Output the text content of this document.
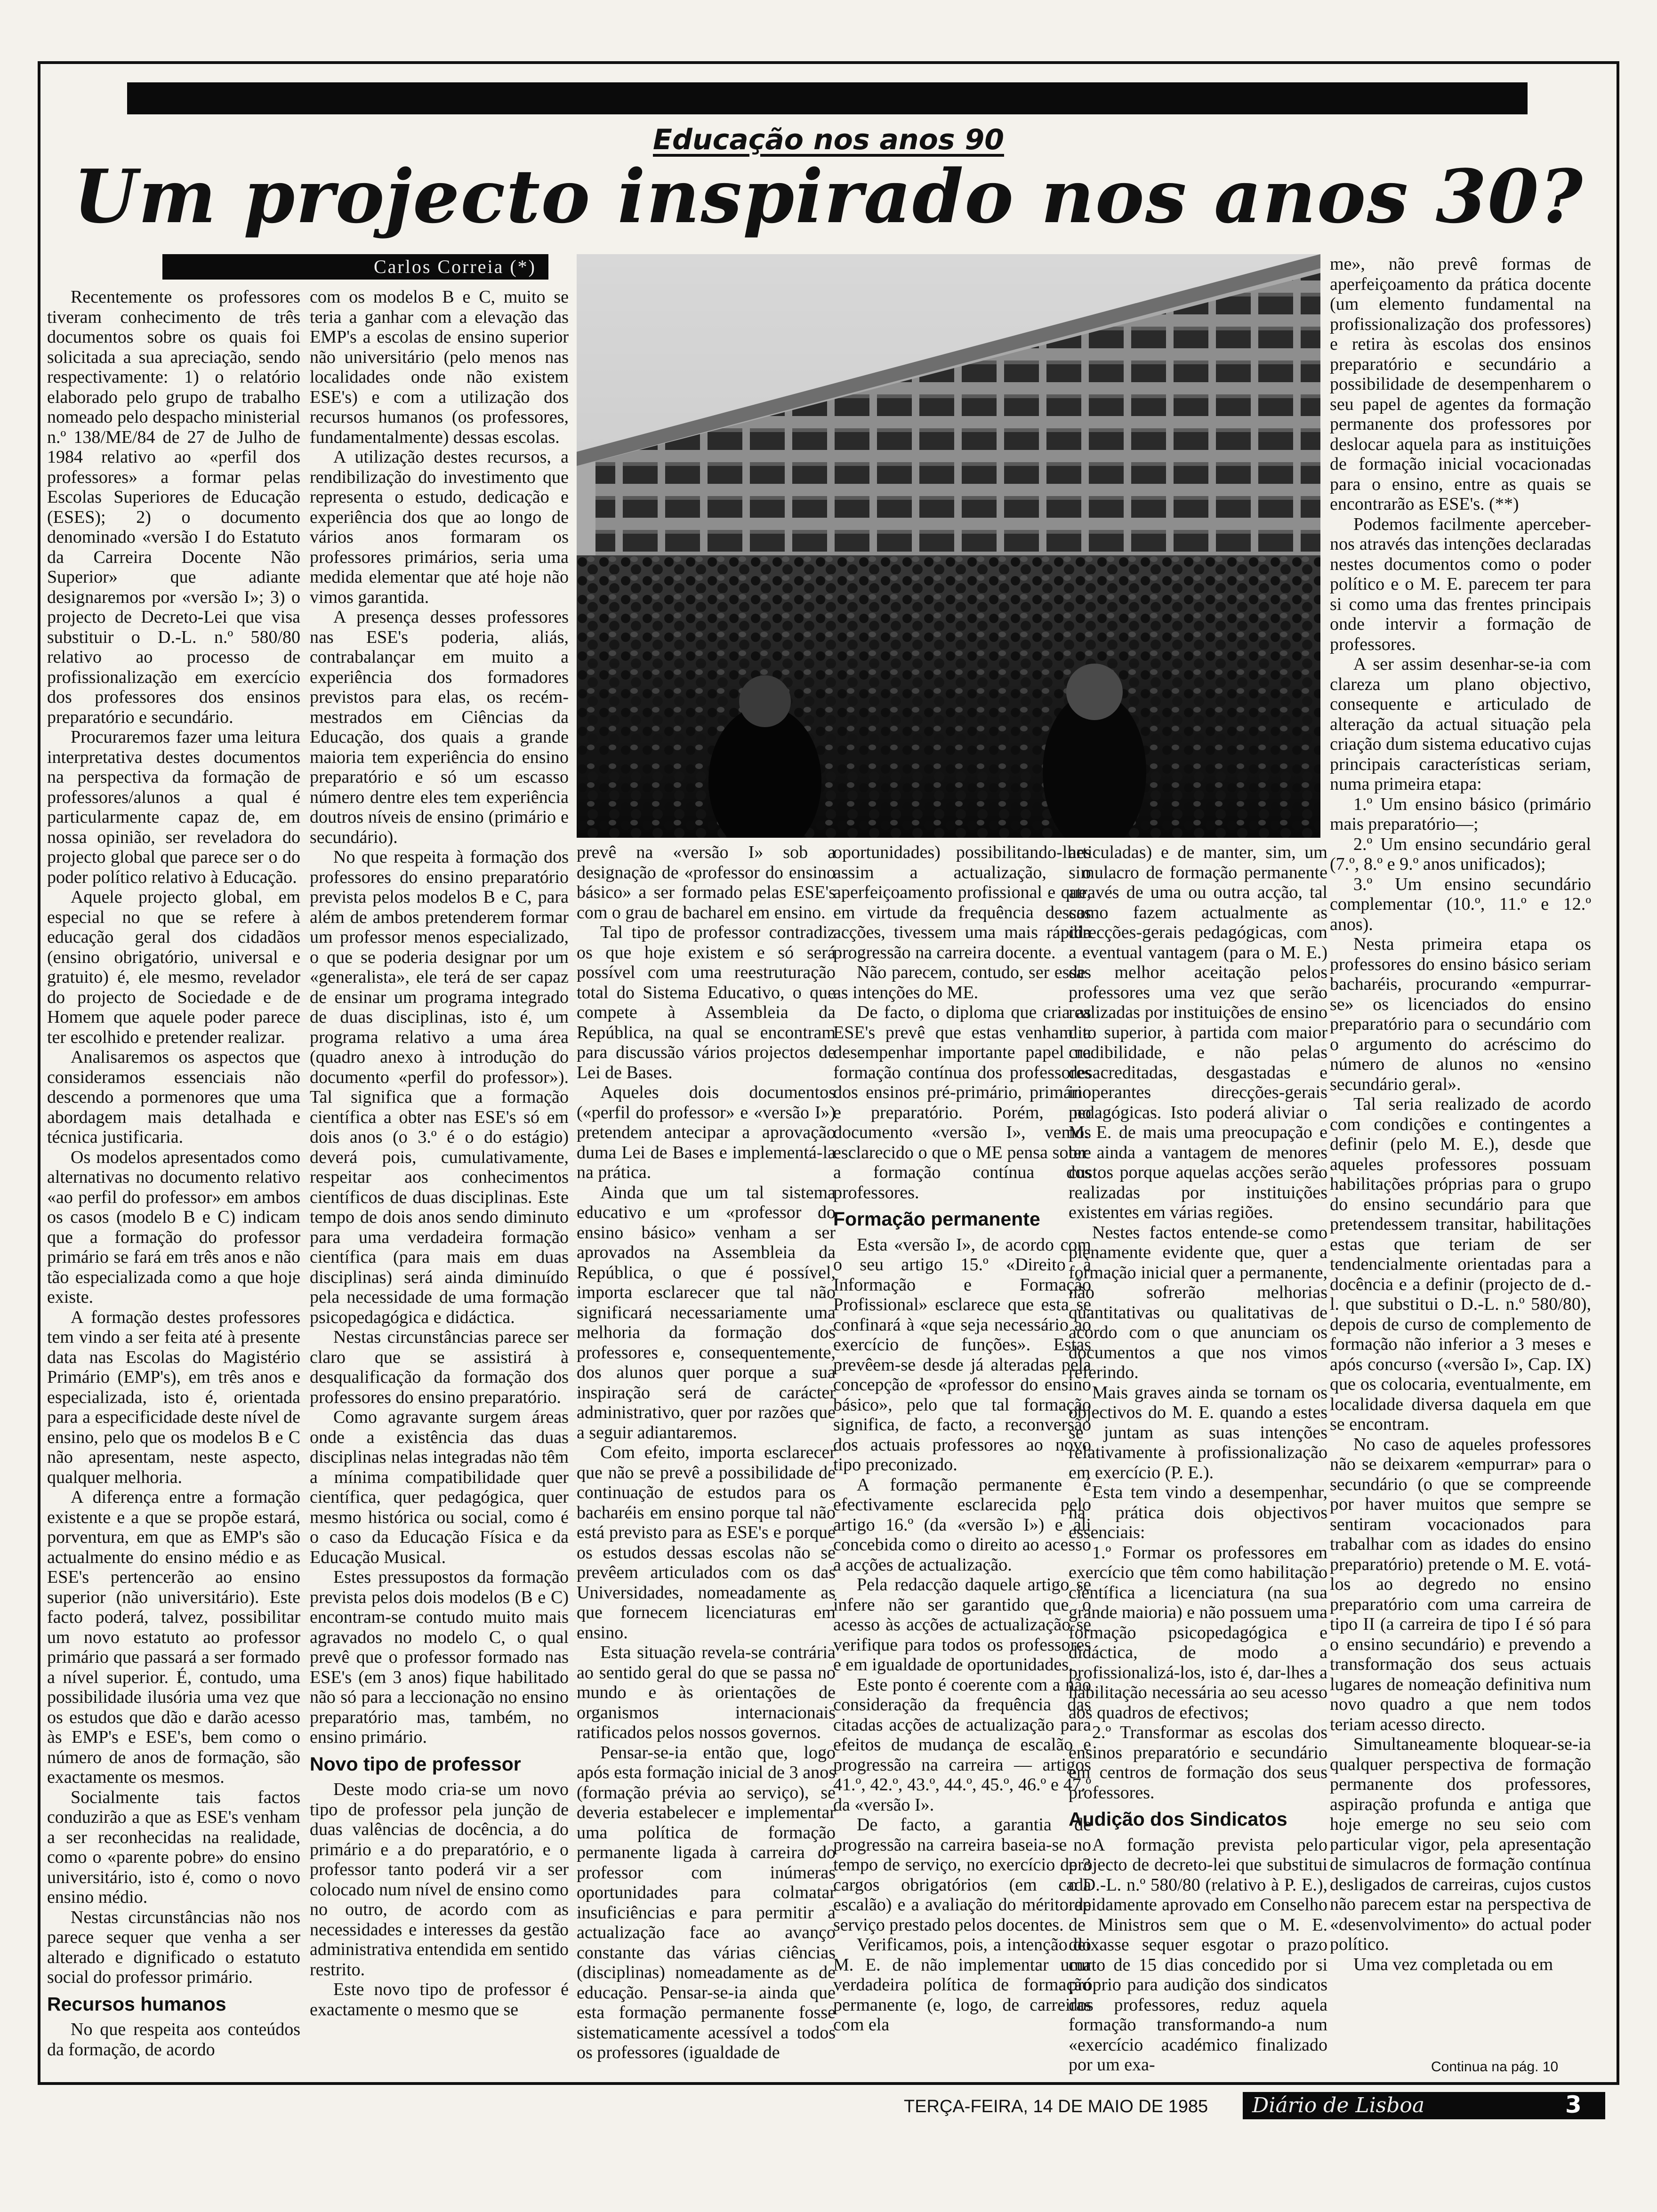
Educação nos anos 90
Um projecto inspirado nos anos 30?
Carlos Correia (*)

Recentemente os professores tiveram conhecimento de três documentos sobre os quais foi solicitada a sua apreciação, sendo respectivamente: 1) o relatório elaborado pelo grupo de trabalho nomeado pelo despacho ministerial n.º 138/ME/84 de 27 de Julho de 1984 relativo ao «perfil dos professores» a formar pelas Escolas Superiores de Educação (ESES); 2) o documento denominado «versão I do Estatuto da Carreira Docente Não Superior» que adiante designaremos por «versão I»; 3) o projecto de Decreto-Lei que visa substituir o D.-L. n.º 580/80 relativo ao processo de profissionalização em exercício dos professores dos ensinos preparatório e secundário.

Procuraremos fazer uma leitura interpretativa destes documentos na perspectiva da formação de professores/alunos a qual é particularmente capaz de, em nossa opinião, ser reveladora do projecto global que parece ser o do poder político relativo à Educação.

Aquele projecto global, em especial no que se refere à educação geral dos cidadãos (ensino obrigatório, universal e gratuito) é, ele mesmo, revelador do projecto de Sociedade e de Homem que aquele poder parece ter escolhido e pretender realizar.

Analisaremos os aspectos que consideramos essenciais não descendo a pormenores que uma abordagem mais detalhada e técnica justificaria.

Os modelos apresentados como alternativas no documento relativo «ao perfil do professor» em ambos os casos (modelo B e C) indicam que a formação do professor primário se fará em três anos e não tão especializada como a que hoje existe.

A formação destes professores tem vindo a ser feita até à presente data nas Escolas do Magistério Primário (EMP's), em três anos e especializada, isto é, orientada para a especificidade deste nível de ensino, pelo que os modelos B e C não apresentam, neste aspecto, qualquer melhoria.

A diferença entre a formação existente e a que se propõe estará, porventura, em que as EMP's são actualmente do ensino médio e as ESE's pertencerão ao ensino superior (não universitário). Este facto poderá, talvez, possibilitar um novo estatuto ao professor primário que passará a ser formado a nível superior. É, contudo, uma possibilidade ilusória uma vez que os estudos que dão e darão acesso às EMP's e ESE's, bem como o número de anos de formação, são exactamente os mesmos.

Socialmente tais factos conduzirão a que as ESE's venham a ser reconhecidas na realidade, como o «parente pobre» do ensino universitário, isto é, como o novo ensino médio.

Nestas circunstâncias não nos parece sequer que venha a ser alterado e dignificado o estatuto social do professor primário.

Recursos humanos

No que respeita aos conteúdos da formação, de acordo

com os modelos B e C, muito se teria a ganhar com a elevação das EMP's a escolas de ensino superior não universitário (pelo menos nas localidades onde não existem ESE's) e com a utilização dos recursos humanos (os professores, fundamentalmente) dessas escolas.

A utilização destes recursos, a rendibilização do investimento que representa o estudo, dedicação e experiência dos que ao longo de vários anos formaram os professores primários, seria uma medida elementar que até hoje não vimos garantida.

A presença desses professores nas ESE's poderia, aliás, contrabalançar em muito a experiência dos formadores previstos para elas, os recém-mestrados em Ciências da Educação, dos quais a grande maioria tem experiência do ensino preparatório e só um escasso número dentre eles tem experiência doutros níveis de ensino (primário e secundário).

No que respeita à formação dos professores do ensino preparatório prevista pelos modelos B e C, para além de ambos pretenderem formar um professor menos especializado, o que se poderia designar por um «generalista», ele terá de ser capaz de ensinar um programa integrado de duas disciplinas, isto é, um programa relativo a uma área (quadro anexo à introdução do documento «perfil do professor»). Tal significa que a formação científica a obter nas ESE's só em dois anos (o 3.º é o do estágio) deverá pois, cumulativamente, respeitar aos conhecimentos científicos de duas disciplinas. Este tempo de dois anos sendo diminuto para uma verdadeira formação científica (para mais em duas disciplinas) será ainda diminuído pela necessidade de uma formação psicopedagógica e didáctica.

Nestas circunstâncias parece ser claro que se assistirá à desqualificação da formação dos professores do ensino preparatório.

Como agravante surgem áreas onde a existência das duas disciplinas nelas integradas não têm a mínima compatibilidade quer científica, quer pedagógica, quer mesmo histórica ou social, como é o caso da Educação Física e da Educação Musical.

Estes pressupostos da formação prevista pelos dois modelos (B e C) encontram-se contudo muito mais agravados no modelo C, o qual prevê que o professor formado nas ESE's (em 3 anos) fique habilitado não só para a leccionação no ensino preparatório mas, também, no ensino primário.

Novo tipo de professor

Deste modo cria-se um novo tipo de professor pela junção de duas valências de docência, a do primário e a do preparatório, e o professor tanto poderá vir a ser colocado num nível de ensino como no outro, de acordo com as necessidades e interesses da gestão administrativa entendida em sentido restrito.

Este novo tipo de professor é exactamente o mesmo que se

prevê na «versão I» sob a designação de «professor do ensino básico» a ser formado pelas ESE's com o grau de bacharel em ensino.

Tal tipo de professor contradiz os que hoje existem e só será possível com uma reestruturação total do Sistema Educativo, o que compete à Assembleia da República, na qual se encontram para discussão vários projectos de Lei de Bases.

Aqueles dois documentos («perfil do professor» e «versão I») pretendem antecipar a aprovação duma Lei de Bases e implementá-la na prática.

Ainda que um tal sistema educativo e um «professor do ensino básico» venham a ser aprovados na Assembleia da República, o que é possível, importa esclarecer que tal não significará necessariamente uma melhoria da formação dos professores e, consequentemente, dos alunos quer porque a sua inspiração será de carácter administrativo, quer por razões que a seguir adiantaremos.

Com efeito, importa esclarecer que não se prevê a possibilidade de continuação de estudos para os bacharéis em ensino porque tal não está previsto para as ESE's e porque os estudos dessas escolas não se prevêem articulados com os das Universidades, nomeadamente as que fornecem licenciaturas em ensino.

Esta situação revela-se contrária ao sentido geral do que se passa no mundo e às orientações de organismos internacionais ratificados pelos nossos governos.

Pensar-se-ia então que, logo após esta formação inicial de 3 anos (formação prévia ao serviço), se deveria estabelecer e implementar uma política de formação permanente ligada à carreira do professor com inúmeras oportunidades para colmatar insuficiências e para permitir a actualização face ao avanço constante das várias ciências (disciplinas) nomeadamente as de educação. Pensar-se-ia ainda que esta formação permanente fosse sistematicamente acessível a todos os professores (igualdade de

oportunidades) possibilitando-lhes assim a actualização, o aperfeiçoamento profissional e que, em virtude da frequência dessas acções, tivessem uma mais rápida progressão na carreira docente.

Não parecem, contudo, ser essas as intenções do ME.

De facto, o diploma que cria as ESE's prevê que estas venham a desempenhar importante papel na formação contínua dos professores dos ensinos pré-primário, primário e preparatório. Porém, no documento «versão I», vemos esclarecido o que o ME pensa sobre a formação contínua dos professores.

Formação permanente

Esta «versão I», de acordo com o seu artigo 15.º «Direito à Informação e Formação Profissional» esclarece que esta se confinará à «que seja necessário ao exercício de funções». Estas prevêem-se desde já alteradas pela concepção de «professor do ensino básico», pelo que tal formação significa, de facto, a reconversão dos actuais professores ao novo tipo preconizado.

A formação permanente é efectivamente esclarecida pelo artigo 16.º (da «versão I») e ali concebida como o direito ao acesso a acções de actualização.

Pela redacção daquele artigo se infere não ser garantido que o acesso às acções de actualização se verifique para todos os professores e em igualdade de oportunidades.

Este ponto é coerente com a não consideração da frequência das citadas acções de actualização para efeitos de mudança de escalão e progressão na carreira — artigos 41.º, 42.º, 43.º, 44.º, 45.º, 46.º e 47.º da «versão I».

De facto, a garantia de progressão na carreira baseia-se no tempo de serviço, no exercício de 3 cargos obrigatórios (em cada escalão) e a avaliação do mérito de serviço prestado pelos docentes.

Verificamos, pois, a intenção do M. E. de não implementar uma verdadeira política de formação permanente (e, logo, de carreiras com ela

articuladas) e de manter, sim, um simulacro de formação permanente através de uma ou outra acção, tal como fazem actualmente as direcções-gerais pedagógicas, com a eventual vantagem (para o M. E.) de melhor aceitação pelos professores uma vez que serão realizadas por instituições de ensino dito superior, à partida com maior credibilidade, e não pelas desacreditadas, desgastadas e inoperantes direcções-gerais pedagógicas. Isto poderá aliviar o M. E. de mais uma preocupação e ter ainda a vantagem de menores custos porque aquelas acções serão realizadas por instituições existentes em várias regiões.

Nestes factos entende-se como plenamente evidente que, quer a formação inicial quer a permanente, não sofrerão melhorias quantitativas ou qualitativas de acordo com o que anunciam os documentos a que nos vimos referindo.

Mais graves ainda se tornam os objectivos do M. E. quando a estes se juntam as suas intenções relativamente à profissionalização em exercício (P. E.).

Esta tem vindo a desempenhar, na prática dois objectivos essenciais:

1.º Formar os professores em exercício que têm como habilitação científica a licenciatura (na sua grande maioria) e não possuem uma formação psicopedagógica e didáctica, de modo a profissionalizá-los, isto é, dar-lhes a habilitação necessária ao seu acesso aos quadros de efectivos;

2.º Transformar as escolas dos ensinos preparatório e secundário em centros de formação dos seus professores.

Audição dos Sindicatos

A formação prevista pelo projecto de decreto-lei que substitui o D.-L. n.º 580/80 (relativo à P. E.), rapidamente aprovado em Conselho de Ministros sem que o M. E. deixasse sequer esgotar o prazo curto de 15 dias concedido por si próprio para audição dos sindicatos dos professores, reduz aquela formação transformando-a num «exercício académico finalizado por um exa-

me», não prevê formas de aperfeiçoamento da prática docente (um elemento fundamental na profissionalização dos professores) e retira às escolas dos ensinos preparatório e secundário a possibilidade de desempenharem o seu papel de agentes da formação permanente dos professores por deslocar aquela para as instituições de formação inicial vocacionadas para o ensino, entre as quais se encontrarão as ESE's. (**)

Podemos facilmente aperceber-nos através das intenções declaradas nestes documentos como o poder político e o M. E. parecem ter para si como uma das frentes principais onde intervir a formação de professores.

A ser assim desenhar-se-ia com clareza um plano objectivo, consequente e articulado de alteração da actual situação pela criação dum sistema educativo cujas principais características seriam, numa primeira etapa:

1.º Um ensino básico (primário mais preparatório—;

2.º Um ensino secundário geral (7.º, 8.º e 9.º anos unificados);

3.º Um ensino secundário complementar (10.º, 11.º e 12.º anos).

Nesta primeira etapa os professores do ensino básico seriam bacharéis, procurando «empurrar-se» os licenciados do ensino preparatório para o secundário com o argumento do acréscimo do número de alunos no «ensino secundário geral».

Tal seria realizado de acordo com condições e contingentes a definir (pelo M. E.), desde que aqueles professores possuam habilitações próprias para o grupo do ensino secundário para que pretendessem transitar, habilitações estas que teriam de ser tendencialmente orientadas para a docência e a definir (projecto de d.-l. que substitui o D.-L. n.º 580/80), depois de curso de complemento de formação não inferior a 3 meses e após concurso («versão I», Cap. IX) que os colocaria, eventualmente, em localidade diversa daquela em que se encontram.

No caso de aqueles professores não se deixarem «empurrar» para o secundário (o que se compreende por haver muitos que sempre se sentiram vocacionados para trabalhar com as idades do ensino preparatório) pretende o M. E. votá-los ao degredo no ensino preparatório com uma carreira de tipo II (a carreira de tipo I é só para o ensino secundário) e prevendo a transformação dos seus actuais lugares de nomeação definitiva num novo quadro a que nem todos teriam acesso directo.

Simultaneamente bloquear-se-ia qualquer perspectiva de formação permanente dos professores, aspiração profunda e antiga que hoje emerge no seu seio com particular vigor, pela apresentação de simulacros de formação contínua desligados de carreiras, cujos custos não parecem estar na perspectiva de «desenvolvimento» do actual poder político.

Uma vez completada ou em

Continua na pág. 10
TERÇA-FEIRA, 14 DE MAIO DE 1985	Diário de Lisboa	3
